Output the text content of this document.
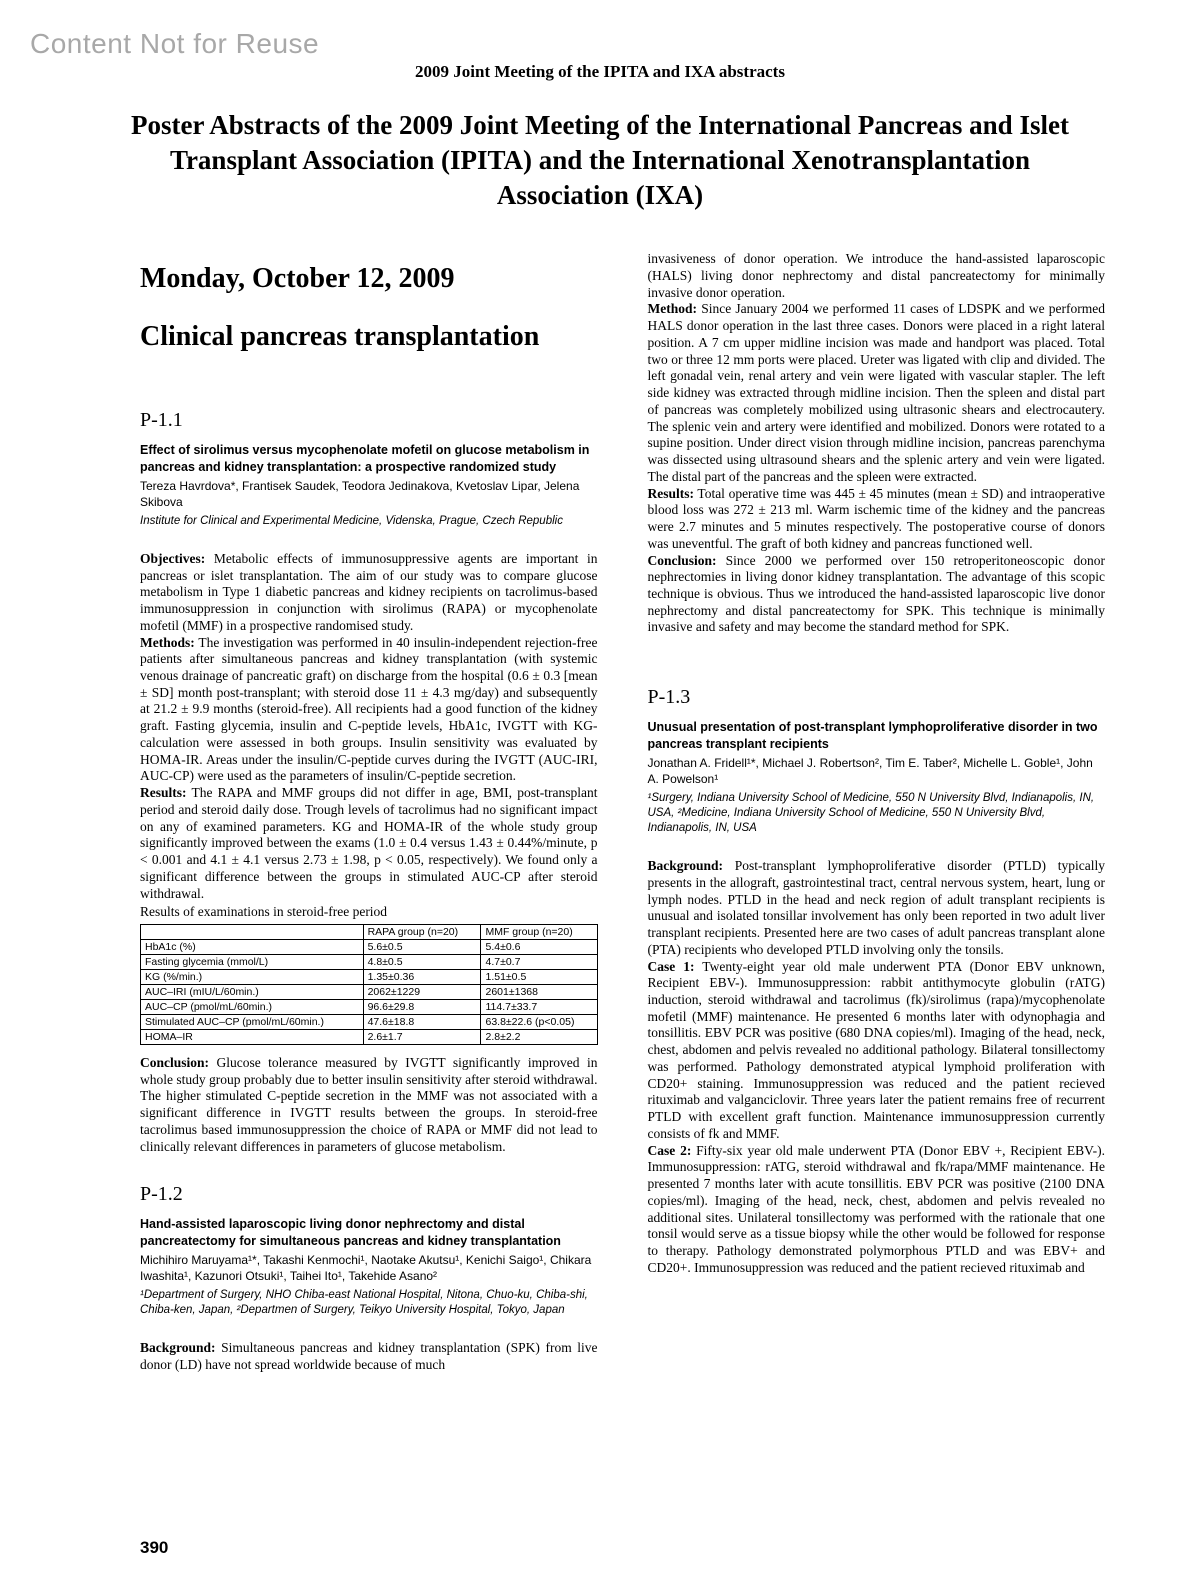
Content Not for Reuse
2009 Joint Meeting of the IPITA and IXA abstracts
Poster Abstracts of the 2009 Joint Meeting of the International Pancreas and Islet Transplant Association (IPITA) and the International Xenotransplantation Association (IXA)
Monday, October 12, 2009
Clinical pancreas transplantation
P-1.1

Effect of sirolimus versus mycophenolate mofetil on glucose metabolism in pancreas and kidney transplantation: a prospective randomized study

Tereza Havrdova*, Frantisek Saudek, Teodora Jedinakova, Kvetoslav Lipar, Jelena Skibova

Institute for Clinical and Experimental Medicine, Videnska, Prague, Czech Republic

Objectives: Metabolic effects of immunosuppressive agents are important in pancreas or islet transplantation. The aim of our study was to compare glucose metabolism in Type 1 diabetic pancreas and kidney recipients on tacrolimus-based immunosuppression in conjunction with sirolimus (RAPA) or mycophenolate mofetil (MMF) in a prospective randomised study.

Methods: The investigation was performed in 40 insulin-independent rejection-free patients after simultaneous pancreas and kidney transplantation (with systemic venous drainage of pancreatic graft) on discharge from the hospital (0.6 ± 0.3 [mean ± SD] month post-transplant; with steroid dose 11 ± 4.3 mg/day) and subsequently at 21.2 ± 9.9 months (steroid-free). All recipients had a good function of the kidney graft. Fasting glycemia, insulin and C-peptide levels, HbA1c, IVGTT with KG-calculation were assessed in both groups. Insulin sensitivity was evaluated by HOMA-IR. Areas under the insulin/C-peptide curves during the IVGTT (AUC-IRI, AUC-CP) were used as the parameters of insulin/C-peptide secretion.

Results: The RAPA and MMF groups did not differ in age, BMI, post-transplant period and steroid daily dose. Trough levels of tacrolimus had no significant impact on any of examined parameters. KG and HOMA-IR of the whole study group significantly improved between the exams (1.0 ± 0.4 versus 1.43 ± 0.44%/minute, p < 0.001 and 4.1 ± 4.1 versus 2.73 ± 1.98, p < 0.05, respectively). We found only a significant difference between the groups in stimulated AUC-CP after steroid withdrawal.

Results of examinations in steroid-free period

	RAPA group (n=20)	MMF group (n=20)
HbA1c (%)	5.6±0.5	5.4±0.6
Fasting glycemia (mmol/L)	4.8±0.5	4.7±0.7
KG (%/min.)	1.35±0.36	1.51±0.5
AUC–IRI (mIU/L/60min.)	2062±1229	2601±1368
AUC–CP (pmol/mL/60min.)	96.6±29.8	114.7±33.7
Stimulated AUC–CP (pmol/mL/60min.)	47.6±18.8	63.8±22.6 (p<0.05)
HOMA–IR	2.6±1.7	2.8±2.2

Conclusion: Glucose tolerance measured by IVGTT significantly improved in whole study group probably due to better insulin sensitivity after steroid withdrawal. The higher stimulated C-peptide secretion in the MMF was not associated with a significant difference in IVGTT results between the groups. In steroid-free tacrolimus based immunosuppression the choice of RAPA or MMF did not lead to clinically relevant differences in parameters of glucose metabolism.

P-1.2

Hand-assisted laparoscopic living donor nephrectomy and distal pancreatectomy for simultaneous pancreas and kidney transplantation

Michihiro Maruyama¹*, Takashi Kenmochi¹, Naotake Akutsu¹, Kenichi Saigo¹, Chikara Iwashita¹, Kazunori Otsuki¹, Taihei Ito¹, Takehide Asano²

¹Department of Surgery, NHO Chiba-east National Hospital, Nitona, Chuo-ku, Chiba-shi, Chiba-ken, Japan, ²Departmen of Surgery, Teikyo University Hospital, Tokyo, Japan

Background: Simultaneous pancreas and kidney transplantation (SPK) from live donor (LD) have not spread worldwide because of much

invasiveness of donor operation. We introduce the hand-assisted laparoscopic (HALS) living donor nephrectomy and distal pancreatectomy for minimally invasive donor operation.

Method: Since January 2004 we performed 11 cases of LDSPK and we performed HALS donor operation in the last three cases. Donors were placed in a right lateral position. A 7 cm upper midline incision was made and handport was placed. Total two or three 12 mm ports were placed. Ureter was ligated with clip and divided. The left gonadal vein, renal artery and vein were ligated with vascular stapler. The left side kidney was extracted through midline incision. Then the spleen and distal part of pancreas was completely mobilized using ultrasonic shears and electrocautery. The splenic vein and artery were identified and mobilized. Donors were rotated to a supine position. Under direct vision through midline incision, pancreas parenchyma was dissected using ultrasound shears and the splenic artery and vein were ligated. The distal part of the pancreas and the spleen were extracted.

Results: Total operative time was 445 ± 45 minutes (mean ± SD) and intraoperative blood loss was 272 ± 213 ml. Warm ischemic time of the kidney and the pancreas were 2.7 minutes and 5 minutes respectively. The postoperative course of donors was uneventful. The graft of both kidney and pancreas functioned well.

Conclusion: Since 2000 we performed over 150 retroperitoneoscopic donor nephrectomies in living donor kidney transplantation. The advantage of this scopic technique is obvious. Thus we introduced the hand-assisted laparoscopic live donor nephrectomy and distal pancreatectomy for SPK. This technique is minimally invasive and safety and may become the standard method for SPK.

P-1.3

Unusual presentation of post-transplant lymphoproliferative disorder in two pancreas transplant recipients

Jonathan A. Fridell¹*, Michael J. Robertson², Tim E. Taber², Michelle L. Goble¹, John A. Powelson¹

¹Surgery, Indiana University School of Medicine, 550 N University Blvd, Indianapolis, IN, USA, ²Medicine, Indiana University School of Medicine, 550 N University Blvd, Indianapolis, IN, USA

Background: Post-transplant lymphoproliferative disorder (PTLD) typically presents in the allograft, gastrointestinal tract, central nervous system, heart, lung or lymph nodes. PTLD in the head and neck region of adult transplant recipients is unusual and isolated tonsillar involvement has only been reported in two adult liver transplant recipients. Presented here are two cases of adult pancreas transplant alone (PTA) recipients who developed PTLD involving only the tonsils.

Case 1: Twenty-eight year old male underwent PTA (Donor EBV unknown, Recipient EBV-). Immunosuppression: rabbit antithymocyte globulin (rATG) induction, steroid withdrawal and tacrolimus (fk)/sirolimus (rapa)/mycophenolate mofetil (MMF) maintenance. He presented 6 months later with odynophagia and tonsillitis. EBV PCR was positive (680 DNA copies/ml). Imaging of the head, neck, chest, abdomen and pelvis revealed no additional pathology. Bilateral tonsillectomy was performed. Pathology demonstrated atypical lymphoid proliferation with CD20+ staining. Immunosuppression was reduced and the patient recieved rituximab and valganciclovir. Three years later the patient remains free of recurrent PTLD with excellent graft function. Maintenance immunosuppression currently consists of fk and MMF.

Case 2: Fifty-six year old male underwent PTA (Donor EBV +, Recipient EBV-). Immunosuppression: rATG, steroid withdrawal and fk/rapa/MMF maintenance. He presented 7 months later with acute tonsillitis. EBV PCR was positive (2100 DNA copies/ml). Imaging of the head, neck, chest, abdomen and pelvis revealed no additional sites. Unilateral tonsillectomy was performed with the rationale that one tonsil would serve as a tissue biopsy while the other would be followed for response to therapy. Pathology demonstrated polymorphous PTLD and was EBV+ and CD20+. Immunosuppression was reduced and the patient recieved rituximab and

390
